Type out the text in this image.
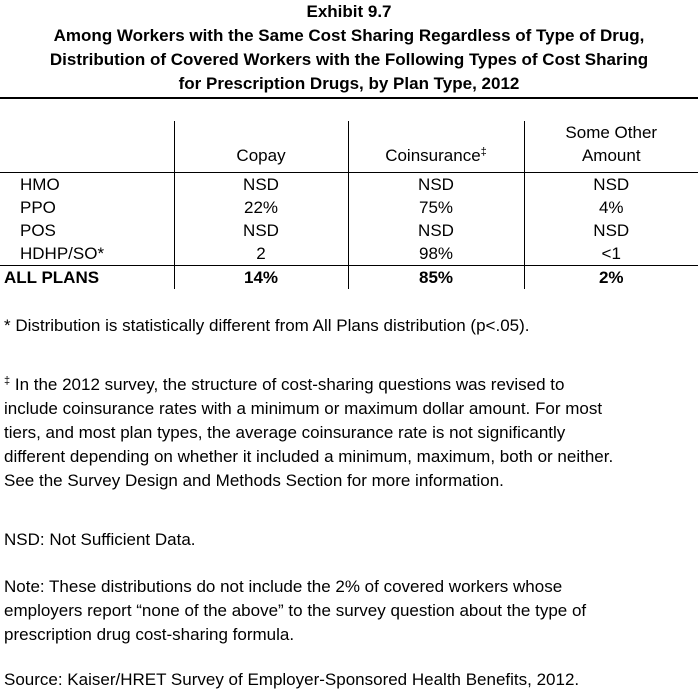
Exhibit 9.7
Among Workers with the Same Cost Sharing Regardless of Type of Drug,
Distribution of Covered Workers with the Following Types of Cost Sharing
for Prescription Drugs, by Plan Type, 2012
	Copay	Coinsurance‡	Some Other
Amount

HMO	NSD	NSD	NSD
PPO	22%	75%	4%
POS	NSD	NSD	NSD
HDHP/SO*	2	98%	<1
ALL PLANS	14%	85%	2%
* Distribution is statistically different from All Plans distribution (p<.05).
‡ In the 2012 survey, the structure of cost-sharing questions was revised to
include coinsurance rates with a minimum or maximum dollar amount. For most
tiers, and most plan types, the average coinsurance rate is not significantly
different depending on whether it included a minimum, maximum, both or neither.
See the Survey Design and Methods Section for more information.
NSD: Not Sufficient Data.
Note: These distributions do not include the 2% of covered workers whose
employers report “none of the above” to the survey question about the type of
prescription drug cost-sharing formula.
Source: Kaiser/HRET Survey of Employer-Sponsored Health Benefits, 2012.
